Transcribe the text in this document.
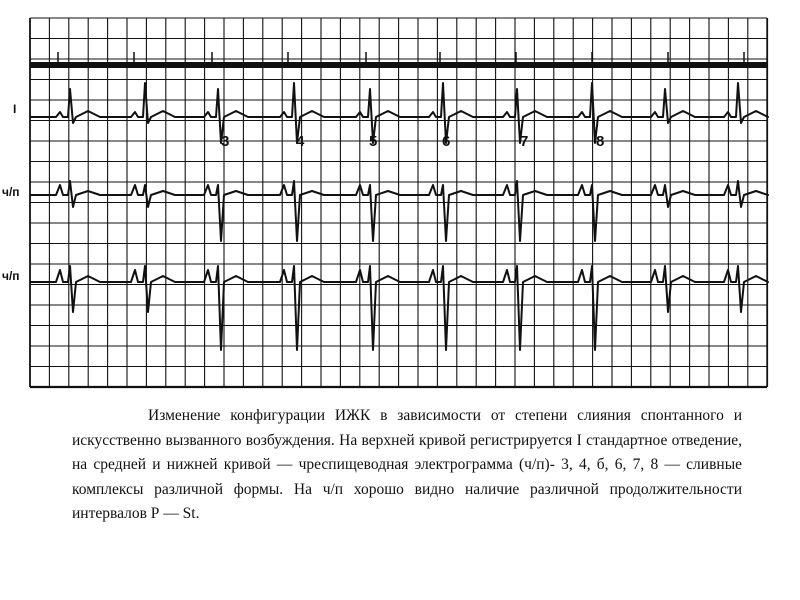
I
ч/п
ч/п
3	4	5	6	7	8

Изменение конфигурации ИЖК в зависимости от степени слияния спонтанного и искусственно вызванного возбуждения. На верхней кривой регистрируется I стандартное отведение, на средней и нижней кривой — чреспищеводная электрограмма (ч/п)- 3, 4, б, 6, 7, 8 — сливные комплексы различной формы. На ч/п хорошо видно наличие различной продолжительности интервалов Р — St.
